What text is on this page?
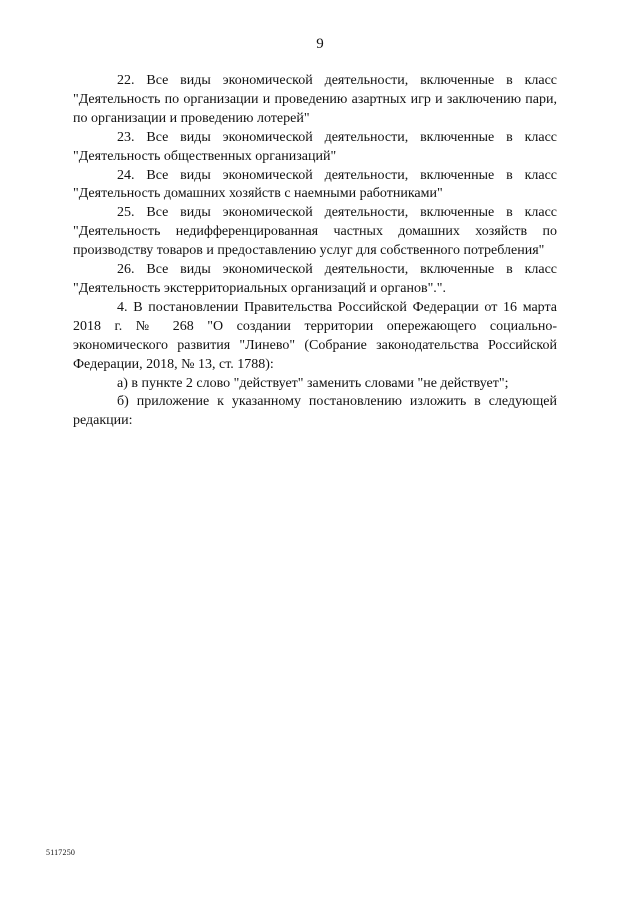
9

22. Все виды экономической деятельности, включенные в класс "Деятельность по организации и проведению азартных игр и заключению пари, по организации и проведению лотерей"

23. Все виды экономической деятельности, включенные в класс "Деятельность общественных организаций"

24. Все виды экономической деятельности, включенные в класс "Деятельность домашних хозяйств с наемными работниками"

25. Все виды экономической деятельности, включенные в класс "Деятельность недифференцированная частных домашних хозяйств по производству товаров и предоставлению услуг для собственного потребления"

26. Все виды экономической деятельности, включенные в класс "Деятельность экстерриториальных организаций и органов".".

4. В постановлении Правительства Российской Федерации от 16 марта 2018 г. № 268 "О создании территории опережающего социально-экономического развития "Линево" (Собрание законодательства Российской Федерации, 2018, № 13, ст. 1788):

а) в пункте 2 слово "действует" заменить словами "не действует";

б) приложение к указанному постановлению изложить в следующей редакции:

5117250
